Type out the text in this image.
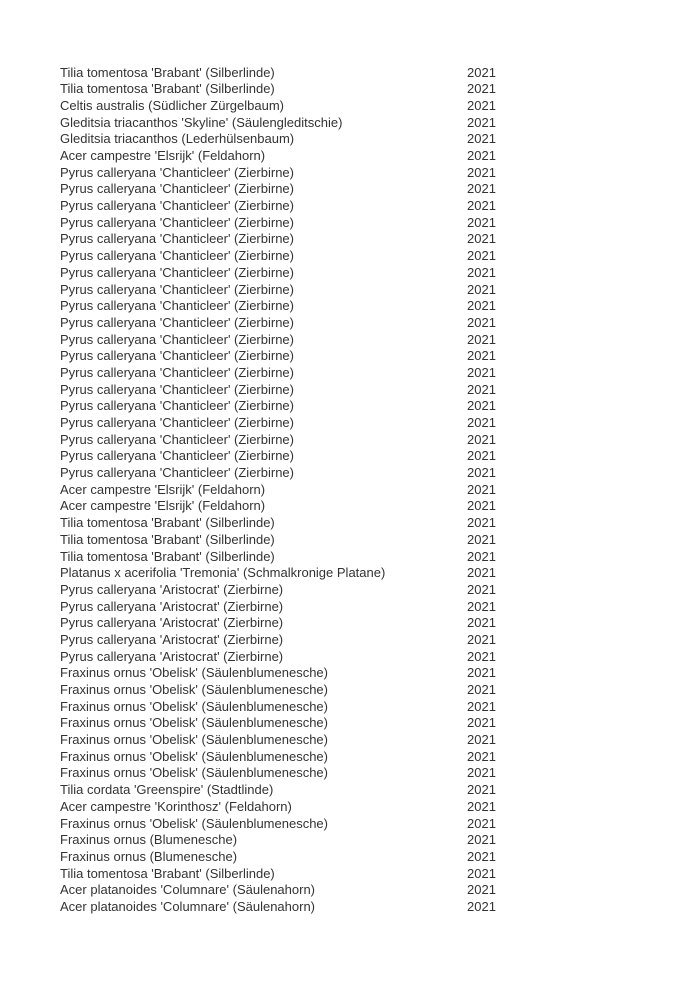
Tilia tomentosa 'Brabant' (Silberlinde)	2021
Tilia tomentosa 'Brabant' (Silberlinde)	2021
Celtis australis (Südlicher Zürgelbaum)	2021
Gleditsia triacanthos 'Skyline' (Säulengleditschie)	2021
Gleditsia triacanthos (Lederhülsenbaum)	2021
Acer campestre 'Elsrijk' (Feldahorn)	2021
Pyrus calleryana 'Chanticleer' (Zierbirne)	2021
Pyrus calleryana 'Chanticleer' (Zierbirne)	2021
Pyrus calleryana 'Chanticleer' (Zierbirne)	2021
Pyrus calleryana 'Chanticleer' (Zierbirne)	2021
Pyrus calleryana 'Chanticleer' (Zierbirne)	2021
Pyrus calleryana 'Chanticleer' (Zierbirne)	2021
Pyrus calleryana 'Chanticleer' (Zierbirne)	2021
Pyrus calleryana 'Chanticleer' (Zierbirne)	2021
Pyrus calleryana 'Chanticleer' (Zierbirne)	2021
Pyrus calleryana 'Chanticleer' (Zierbirne)	2021
Pyrus calleryana 'Chanticleer' (Zierbirne)	2021
Pyrus calleryana 'Chanticleer' (Zierbirne)	2021
Pyrus calleryana 'Chanticleer' (Zierbirne)	2021
Pyrus calleryana 'Chanticleer' (Zierbirne)	2021
Pyrus calleryana 'Chanticleer' (Zierbirne)	2021
Pyrus calleryana 'Chanticleer' (Zierbirne)	2021
Pyrus calleryana 'Chanticleer' (Zierbirne)	2021
Pyrus calleryana 'Chanticleer' (Zierbirne)	2021
Pyrus calleryana 'Chanticleer' (Zierbirne)	2021
Acer campestre 'Elsrijk' (Feldahorn)	2021
Acer campestre 'Elsrijk' (Feldahorn)	2021
Tilia tomentosa 'Brabant' (Silberlinde)	2021
Tilia tomentosa 'Brabant' (Silberlinde)	2021
Tilia tomentosa 'Brabant' (Silberlinde)	2021
Platanus x acerifolia 'Tremonia' (Schmalkronige Platane)	2021
Pyrus calleryana 'Aristocrat' (Zierbirne)	2021
Pyrus calleryana 'Aristocrat' (Zierbirne)	2021
Pyrus calleryana 'Aristocrat' (Zierbirne)	2021
Pyrus calleryana 'Aristocrat' (Zierbirne)	2021
Pyrus calleryana 'Aristocrat' (Zierbirne)	2021
Fraxinus ornus 'Obelisk' (Säulenblumenesche)	2021
Fraxinus ornus 'Obelisk' (Säulenblumenesche)	2021
Fraxinus ornus 'Obelisk' (Säulenblumenesche)	2021
Fraxinus ornus 'Obelisk' (Säulenblumenesche)	2021
Fraxinus ornus 'Obelisk' (Säulenblumenesche)	2021
Fraxinus ornus 'Obelisk' (Säulenblumenesche)	2021
Fraxinus ornus 'Obelisk' (Säulenblumenesche)	2021
Tilia cordata 'Greenspire' (Stadtlinde)	2021
Acer campestre 'Korinthosz' (Feldahorn)	2021
Fraxinus ornus 'Obelisk' (Säulenblumenesche)	2021
Fraxinus ornus (Blumenesche)	2021
Fraxinus ornus (Blumenesche)	2021
Tilia tomentosa 'Brabant' (Silberlinde)	2021
Acer platanoides 'Columnare' (Säulenahorn)	2021
Acer platanoides 'Columnare' (Säulenahorn)	2021
